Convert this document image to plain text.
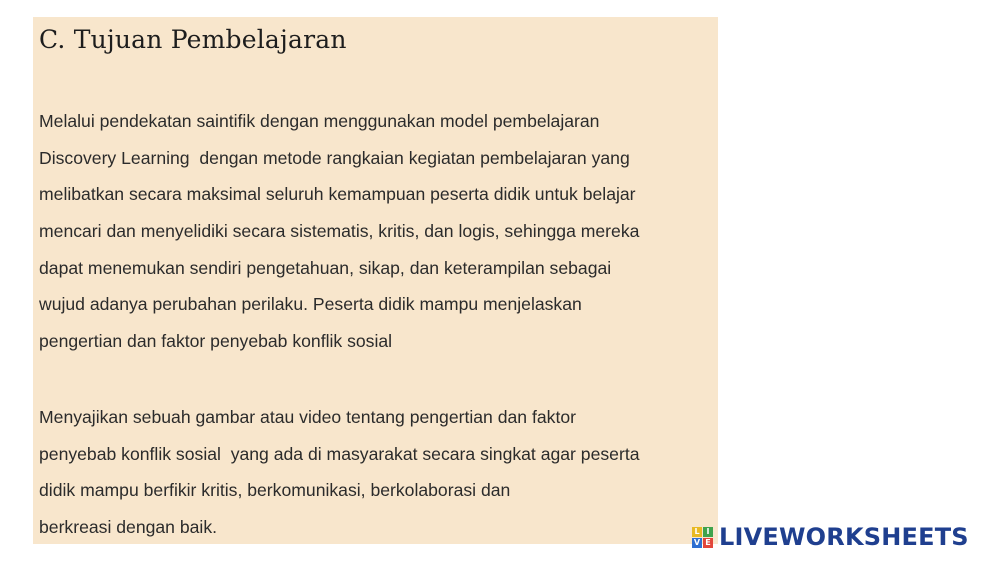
C. Tujuan Pembelajaran
Melalui pendekatan saintifik dengan menggunakan model pembelajaran
Discovery Learning  dengan metode rangkaian kegiatan pembelajaran yang
melibatkan secara maksimal seluruh kemampuan peserta didik untuk belajar
mencari dan menyelidiki secara sistematis, kritis, dan logis, sehingga mereka
dapat menemukan sendiri pengetahuan, sikap, dan keterampilan sebagai
wujud adanya perubahan perilaku. Peserta didik mampu menjelaskan
pengertian dan faktor penyebab konflik sosial
Menyajikan sebuah gambar atau video tentang pengertian dan faktor
penyebab konflik sosial  yang ada di masyarakat secara singkat agar peserta
didik mampu berfikir kritis, berkomunikasi, berkolaborasi dan
berkreasi dengan baik.	L I
V E LIVEWORKSHEETS
